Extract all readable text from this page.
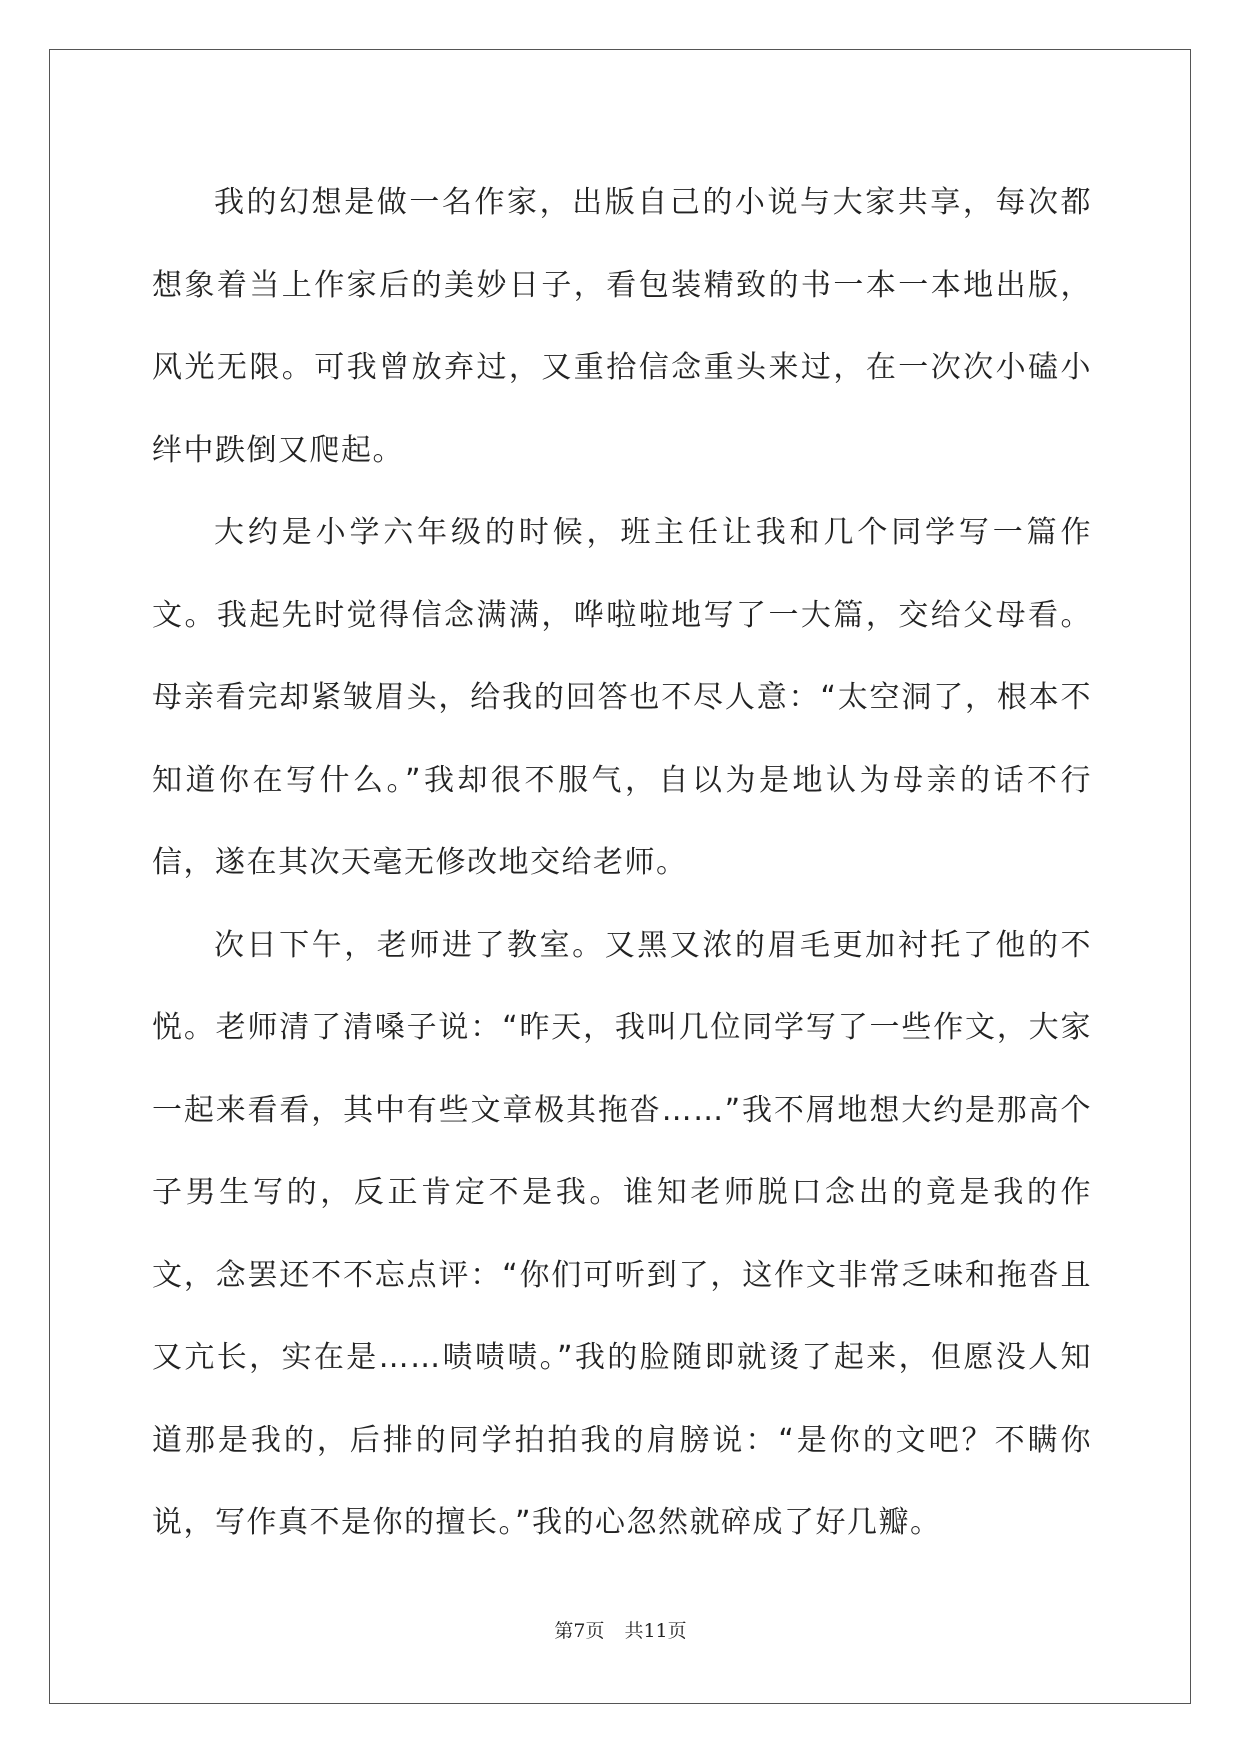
我的幻想是做一名作家，出版自己的小说与大家共享，每次都想象着当上作家后的美妙日子，看包装精致的书一本一本地出版，风光无限。可我曾放弃过，又重拾信念重头来过，在一次次小磕小绊中跌倒又爬起。

大约是小学六年级的时候，班主任让我和几个同学写一篇作文。我起先时觉得信念满满，哗啦啦地写了一大篇，交给父母看。母亲看完却紧皱眉头，给我的回答也不尽人意：“太空洞了，根本不知道你在写什么。”我却很不服气，自以为是地认为母亲的话不行信，遂在其次天毫无修改地交给老师。

次日下午，老师进了教室。又黑又浓的眉毛更加衬托了他的不悦。老师清了清嗓子说：“昨天，我叫几位同学写了一些作文，大家一起来看看，其中有些文章极其拖沓……”我不屑地想大约是那高个子男生写的，反正肯定不是我。谁知老师脱口念出的竟是我的作文，念罢还不不忘点评：“你们可听到了，这作文非常乏味和拖沓且又亢长，实在是……啧啧啧。”我的脸随即就烫了起来，但愿没人知道那是我的，后排的同学拍拍我的肩膀说：“是你的文吧？不瞒你说，写作真不是你的擅长。”我的心忽然就碎成了好几瓣。

第7页 共11页
